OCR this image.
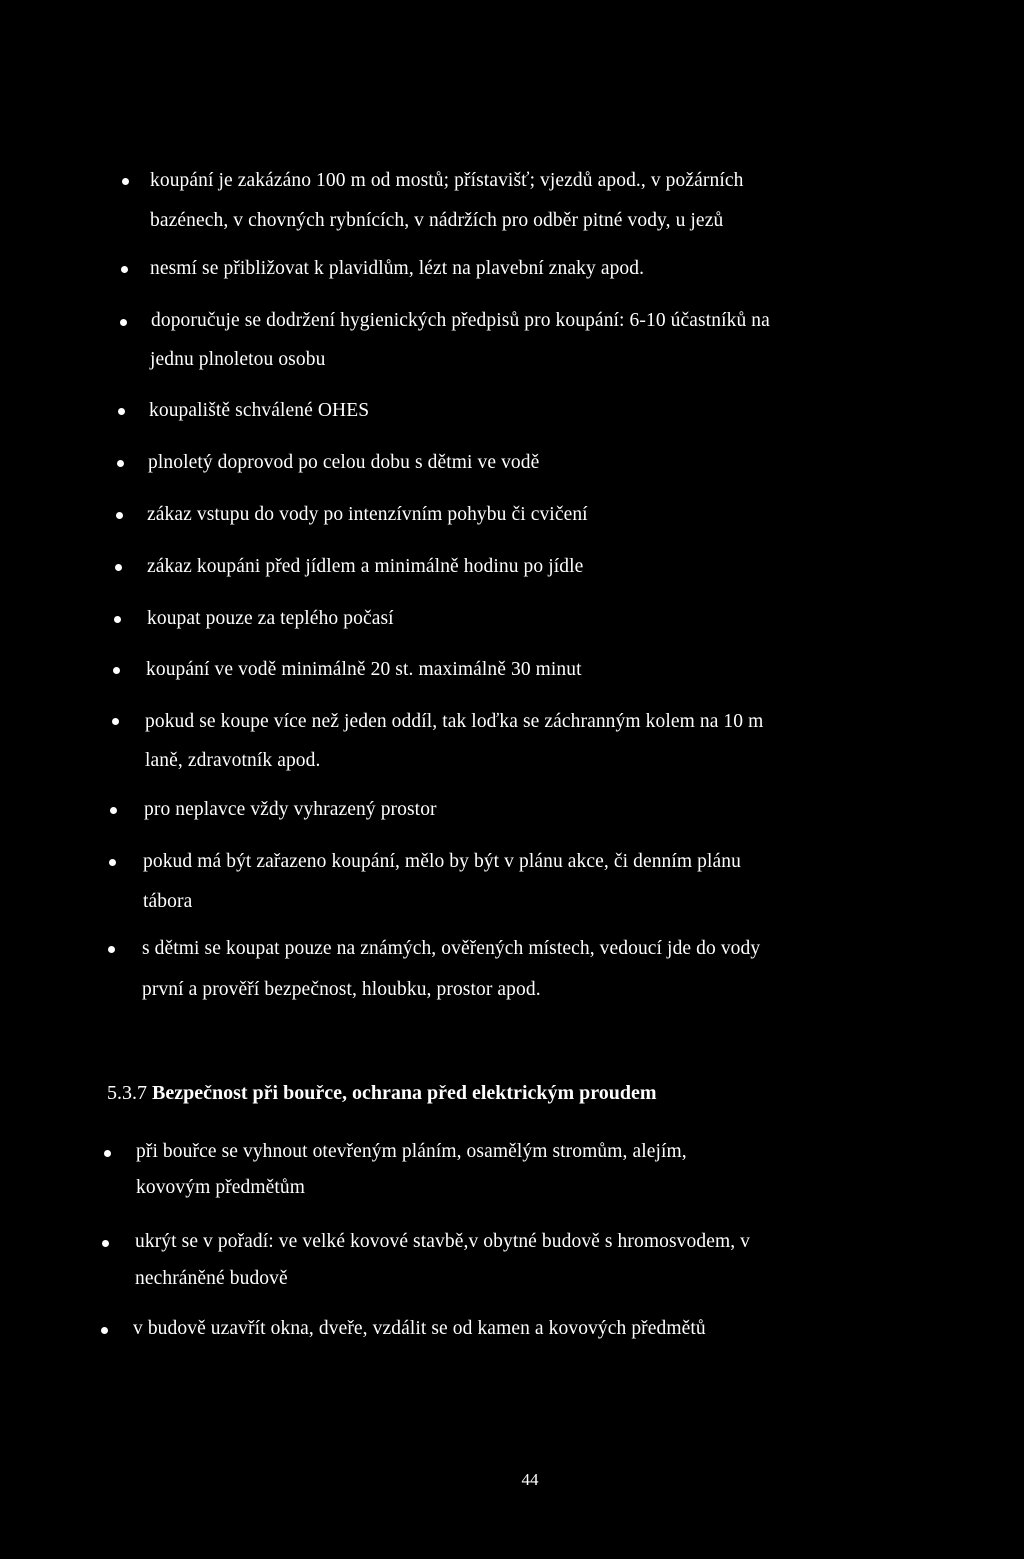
koupání je zakázáno 100 m od mostů; přístavišť; vjezdů apod., v požárních
bazénech, v chovných rybnících, v nádržích pro odběr pitné vody, u jezů
nesmí se přibližovat k plavidlům, lézt na plavební znaky apod.
doporučuje se dodržení hygienických předpisů pro koupání: 6-10 účastníků na
jednu plnoletou osobu
koupaliště schválené OHES
plnoletý doprovod po celou dobu s dětmi ve vodě
zákaz vstupu do vody po intenzívním pohybu či cvičení
zákaz koupáni před jídlem a minimálně hodinu po jídle
koupat pouze za teplého počasí
koupání ve vodě minimálně 20 st. maximálně 30 minut
pokud se koupe více než jeden oddíl, tak loďka se záchranným kolem na 10 m
laně, zdravotník apod.
pro neplavce vždy vyhrazený prostor
pokud má být zařazeno koupání, mělo by být v plánu akce, či denním plánu
tábora
s dětmi se koupat pouze na známých, ověřených místech, vedoucí jde do vody
první a prověří bezpečnost, hloubku, prostor apod.
5.3.7 Bezpečnost při bouřce, ochrana před elektrickým proudem
při bouřce se vyhnout otevřeným pláním, osamělým stromům, alejím,
kovovým předmětům
ukrýt se v pořadí: ve velké kovové stavbě,v obytné budově s hromosvodem, v
nechráněné budově
v budově uzavřít okna, dveře, vzdálit se od kamen a kovových předmětů
44
